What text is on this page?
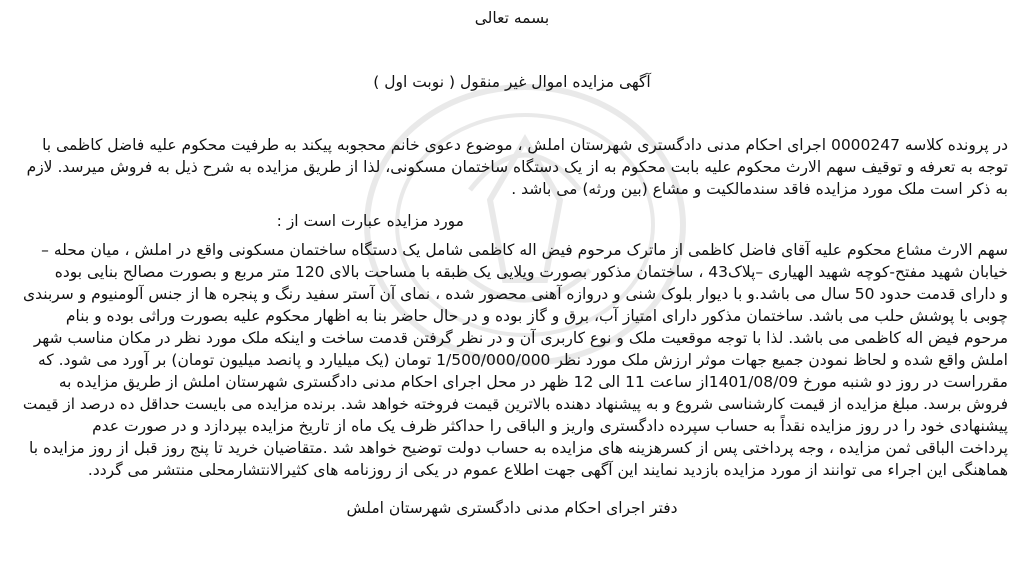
بسمه تعالی
آگهی مزایده اموال غیر منقول ( نوبت اول )
در پرونده کلاسه 0000247 اجرای احکام مدنی دادگستری شهرستان املش ، موضوع دعوی خانم محجوبه پیکند به طرفیت محکوم علیه فاضل کاظمی با
توجه به تعرفه و توقیف سهم الارث محکوم علیه بابت محکوم به از یک دستگاه ساختمان مسکونی، لذا از طریق مزایده به شرح ذیل به فروش میرسد. لازم
به ذکر است ملک مورد مزایده فاقد سندمالکیت و مشاع (بین ورثه) می باشد .
مورد مزایده عبارت است از :
سهم الارث مشاع محکوم علیه آقای فاضل کاظمی از ماترک مرحوم فیض اله کاظمی شامل یک دستگاه ساختمان مسکونی واقع در املش ، میان محله –
خیابان شهید مفتح-کوچه شهید الهیاری –پلاک43 ، ساختمان مذکور بصورت ویلایی یک طبقه با مساحت بالای 120 متر مربع و بصورت مصالح بنایی بوده
و دارای قدمت حدود 50 سال می باشد.و با دیوار بلوک شنی و دروازه آهنی محصور شده ، نمای آن آستر سفید رنگ و پنجره ها از جنس آلومنیوم و سربندی
چوبی با پوشش حلب می باشد. ساختمان مذکور دارای امتیاز آب، برق و گاز بوده و در حال حاضر بنا به اظهار محکوم علیه بصورت وراثی بوده و بنام
مرحوم فیض اله کاظمی می باشد. لذا با توجه موقعیت ملک و نوع کاربری آن و در نظر گرفتن قدمت ساخت و اینکه ملک مورد نظر در مکان مناسب شهر
املش واقع شده و لحاظ نمودن جمیع جهات موثر ارزش ملک مورد نظر 1/500/000/000 تومان (یک میلیارد و پانصد میلیون تومان) بر آورد می شود. که
مقرراست در روز دو شنبه مورخ 1401/08/09از ساعت 11 الی 12 ظهر در محل اجرای احکام مدنی دادگستری شهرستان املش از طریق مزایده به
فروش برسد. مبلغ مزایده از قیمت کارشناسی شروع و به پیشنهاد دهنده بالاترین قیمت فروخته خواهد شد. برنده مزایده می بایست حداقل ده درصد از قیمت
پیشنهادی خود را در روز مزایده نقداً به حساب سپرده دادگستری واریز و الباقی را حداکثر ظرف یک ماه از تاریخ مزایده بپردازد و در صورت عدم
پرداخت الباقی ثمن مزایده ، وجه پرداختی پس از کسرهزینه های مزایده به حساب دولت توضیح خواهد شد .متقاضیان خرید تا پنج روز قبل از روز مزایده با
هماهنگی این اجراء می توانند از مورد مزایده بازدید نمایند این آگهی جهت اطلاع عموم در یکی از روزنامه های کثیرالانتشارمحلی منتشر می گردد.
دفتر اجرای احکام مدنی دادگستری شهرستان املش
